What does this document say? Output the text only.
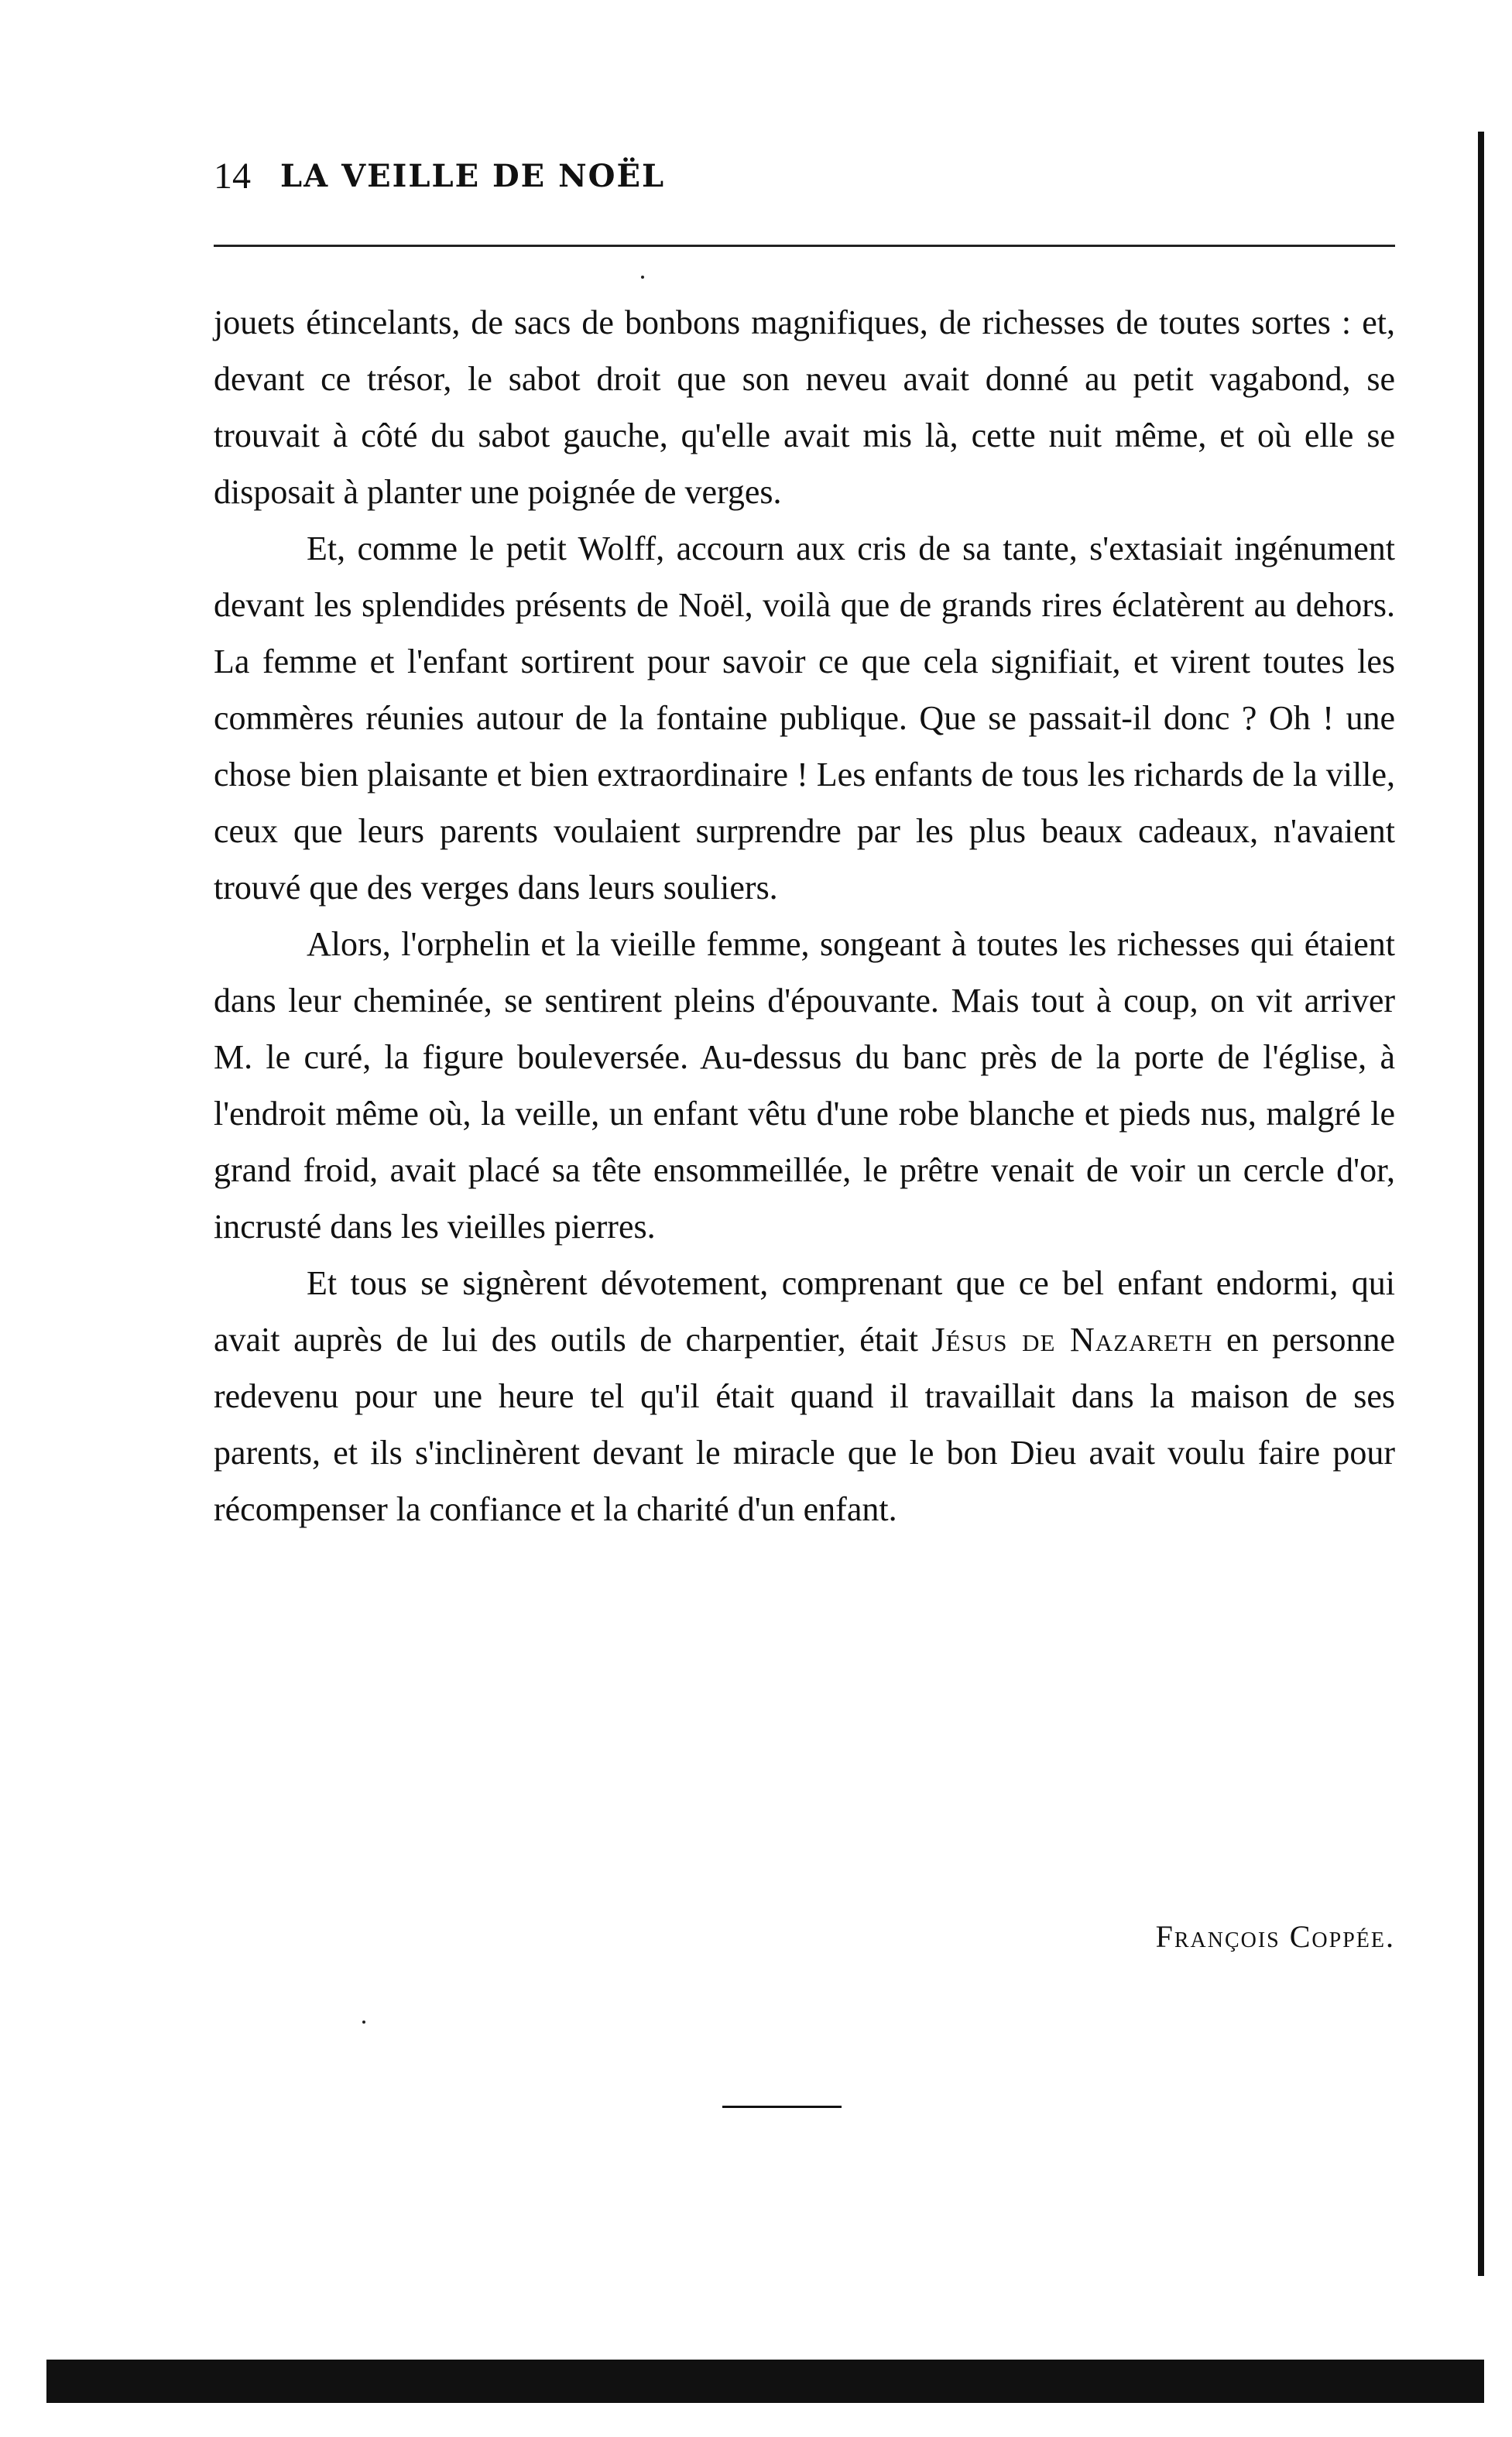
14 LA VEILLE DE NOËL

jouets étincelants, de sacs de bonbons magnifiques, de richesses de toutes sortes : et, devant ce trésor, le sabot droit que son neveu avait donné au petit vagabond, se trouvait à côté du sabot gauche, qu'elle avait mis là, cette nuit même, et où elle se disposait à planter une poignée de verges.

Et, comme le petit Wolff, accourn aux cris de sa tante, s'extasiait ingénument devant les splendides présents de Noël, voilà que de grands rires éclatèrent au dehors. La femme et l'enfant sortirent pour savoir ce que cela signifiait, et virent toutes les commères réunies autour de la fontaine publique. Que se passait-il donc ? Oh ! une chose bien plaisante et bien extraordinaire ! Les enfants de tous les richards de la ville, ceux que leurs parents voulaient surprendre par les plus beaux cadeaux, n'avaient trouvé que des verges dans leurs souliers.

Alors, l'orphelin et la vieille femme, songeant à toutes les richesses qui étaient dans leur cheminée, se sentirent pleins d'épouvante. Mais tout à coup, on vit arriver M. le curé, la figure bouleversée. Au-dessus du banc près de la porte de l'église, à l'endroit même où, la veille, un enfant vêtu d'une robe blanche et pieds nus, malgré le grand froid, avait placé sa tête ensommeillée, le prêtre venait de voir un cercle d'or, incrusté dans les vieilles pierres.

Et tous se signèrent dévotement, comprenant que ce bel enfant endormi, qui avait auprès de lui des outils de charpentier, était Jésus de Nazareth en personne redevenu pour une heure tel qu'il était quand il travaillait dans la maison de ses parents, et ils s'inclinèrent devant le miracle que le bon Dieu avait voulu faire pour récompenser la confiance et la charité d'un enfant.

François Coppée.
